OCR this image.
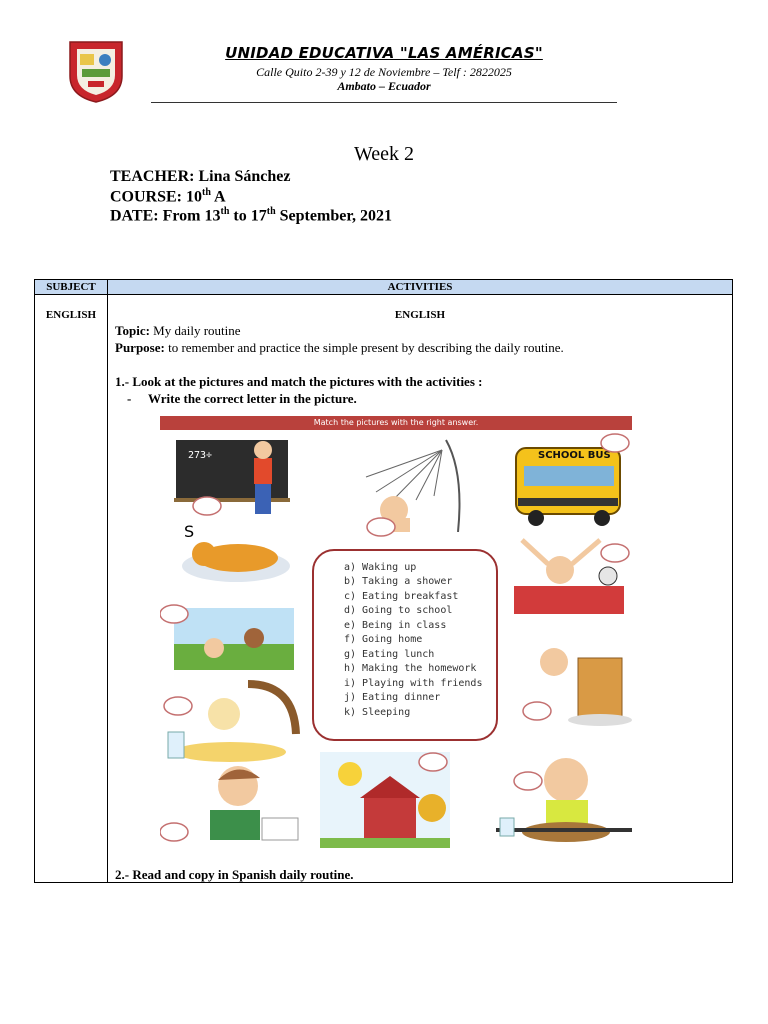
UNIDAD EDUCATIVA "LAS AMÉRICAS"
Calle Quito 2-39 y 12 de Noviembre – Telf : 2822025
Ambato – Ecuador
Week 2
TEACHER: Lina Sánchez
COURSE: 10th A
DATE: From 13th to 17th September, 2021
SUBJECT	ACTIVITIES
ENGLISH	ENGLISH
Topic: My daily routine
Purpose: to remember and practice the simple present by describing the daily routine.
1.- Look at the pictures and match the pictures with the activities :
- Write the correct letter in the picture.
Match the pictures with the right answer.
273÷	SCHOOL BUS
S
a) Waking up
b) Taking a shower
c) Eating breakfast
d) Going to school
e) Being in class
f) Going home
g) Eating lunch
h) Making the homework
i) Playing with friends
j) Eating dinner
k) Sleeping
2.- Read and copy in Spanish daily routine.
